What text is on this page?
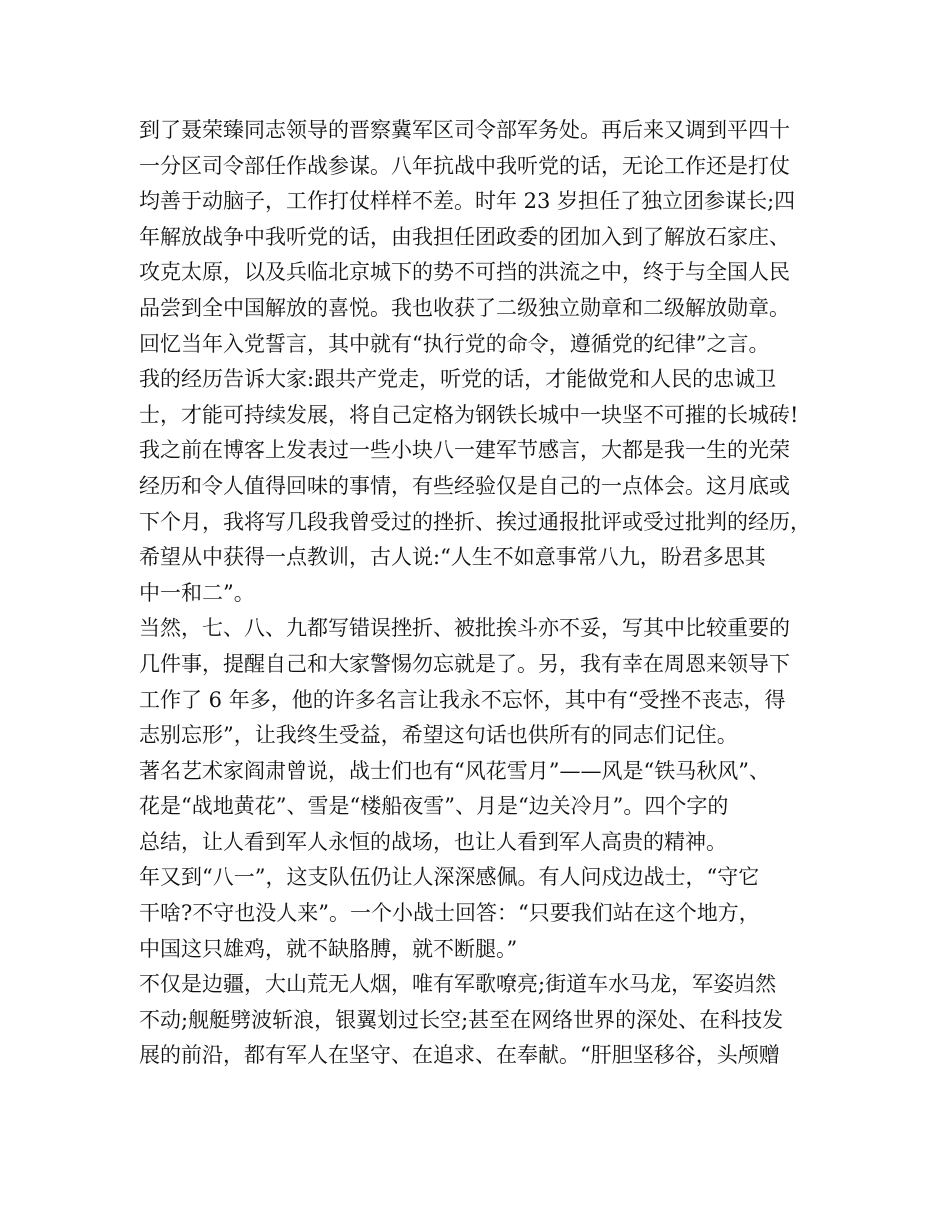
到了聂荣臻同志领导的晋察冀军区司令部军务处。再后来又调到平四十
一分区司令部任作战参谋。八年抗战中我听党的话，无论工作还是打仗
均善于动脑子，工作打仗样样不差。时年 23 岁担任了独立团参谋长;四
年解放战争中我听党的话，由我担任团政委的团加入到了解放石家庄、
攻克太原，以及兵临北京城下的势不可挡的洪流之中，终于与全国人民
品尝到全中国解放的喜悦。我也收获了二级独立勋章和二级解放勋章。
回忆当年入党誓言，其中就有“执行党的命令，遵循党的纪律”之言。
我的经历告诉大家:跟共产党走，听党的话，才能做党和人民的忠诚卫
士，才能可持续发展，将自己定格为钢铁长城中一块坚不可摧的长城砖!
我之前在博客上发表过一些小块八一建军节感言，大都是我一生的光荣
经历和令人值得回味的事情，有些经验仅是自己的一点体会。这月底或
下个月，我将写几段我曾受过的挫折、挨过通报批评或受过批判的经历，
希望从中获得一点教训，古人说:“人生不如意事常八九，盼君多思其
中一和二”。
当然，七、八、九都写错误挫折、被批挨斗亦不妥，写其中比较重要的
几件事，提醒自己和大家警惕勿忘就是了。另，我有幸在周恩来领导下
工作了 6 年多，他的许多名言让我永不忘怀，其中有“受挫不丧志，得
志别忘形”，让我终生受益，希望这句话也供所有的同志们记住。
著名艺术家阎肃曾说，战士们也有“风花雪月”——风是“铁马秋风”、
花是“战地黄花”、雪是“楼船夜雪”、月是“边关冷月”。四个字的
总结，让人看到军人永恒的战场，也让人看到军人高贵的精神。
年又到“八一”，这支队伍仍让人深深感佩。有人问戍边战士，“守它
干啥?不守也没人来”。一个小战士回答：“只要我们站在这个地方，
中国这只雄鸡，就不缺胳膊，就不断腿。”
不仅是边疆，大山荒无人烟，唯有军歌嘹亮;街道车水马龙，军姿岿然
不动;舰艇劈波斩浪，银翼划过长空;甚至在网络世界的深处、在科技发
展的前沿，都有军人在坚守、在追求、在奉献。“肝胆坚移谷，头颅赠
